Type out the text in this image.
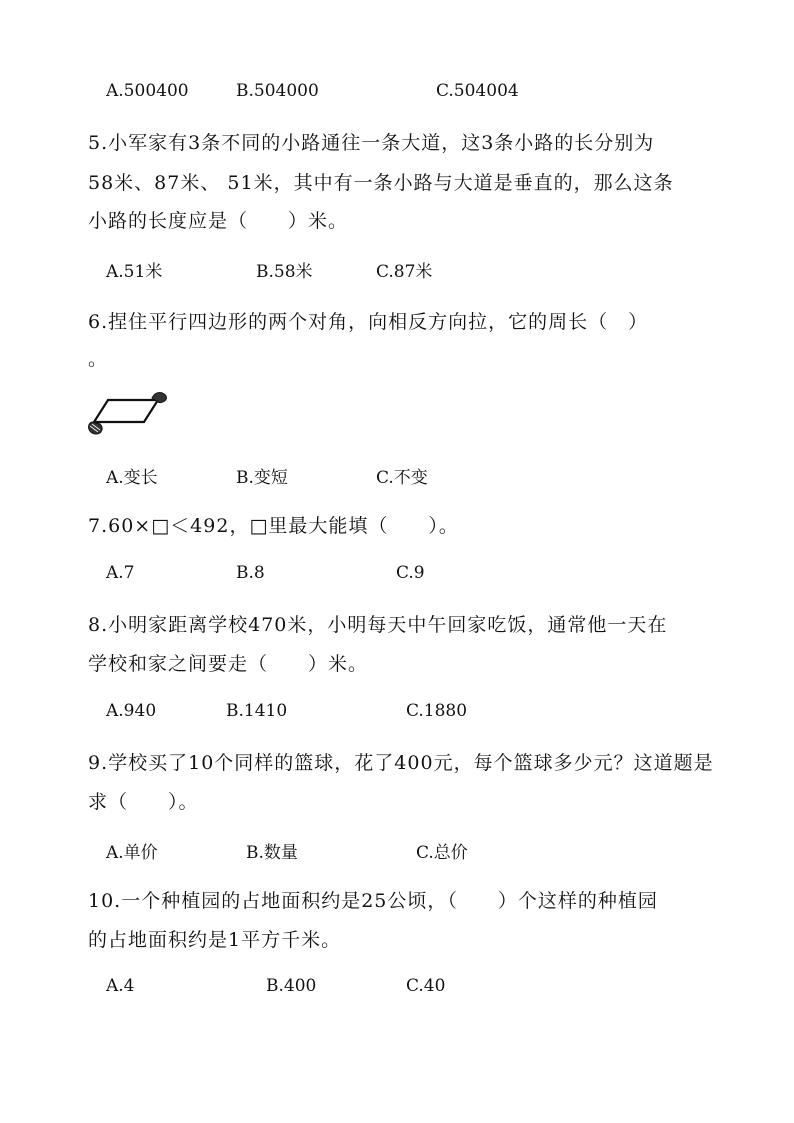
A.500400	B.504000	C.504004
5.小军家有3条不同的小路通往一条大道，这3条小路的长分别为
58米、87米、 51米，其中有一条小路与大道是垂直的，那么这条
小路的长度应是（　　）米。
A.51米	B.58米	C.87米
6.捏住平行四边形的两个对角，向相反方向拉，它的周长（　）
。
A.变长	B.变短	C.不变
7.60×□＜492，□里最大能填（　　）。
A.7	B.8	C.9
8.小明家距离学校470米，小明每天中午回家吃饭，通常他一天在
学校和家之间要走（　　）米。
A.940	B.1410	C.1880
9.学校买了10个同样的篮球，花了400元，每个篮球多少元？这道题是
求（　　）。
A.单价	B.数量	C.总价
10.一个种植园的占地面积约是25公顷，（　　）个这样的种植园
的占地面积约是1平方千米。
A.4	B.400	C.40
